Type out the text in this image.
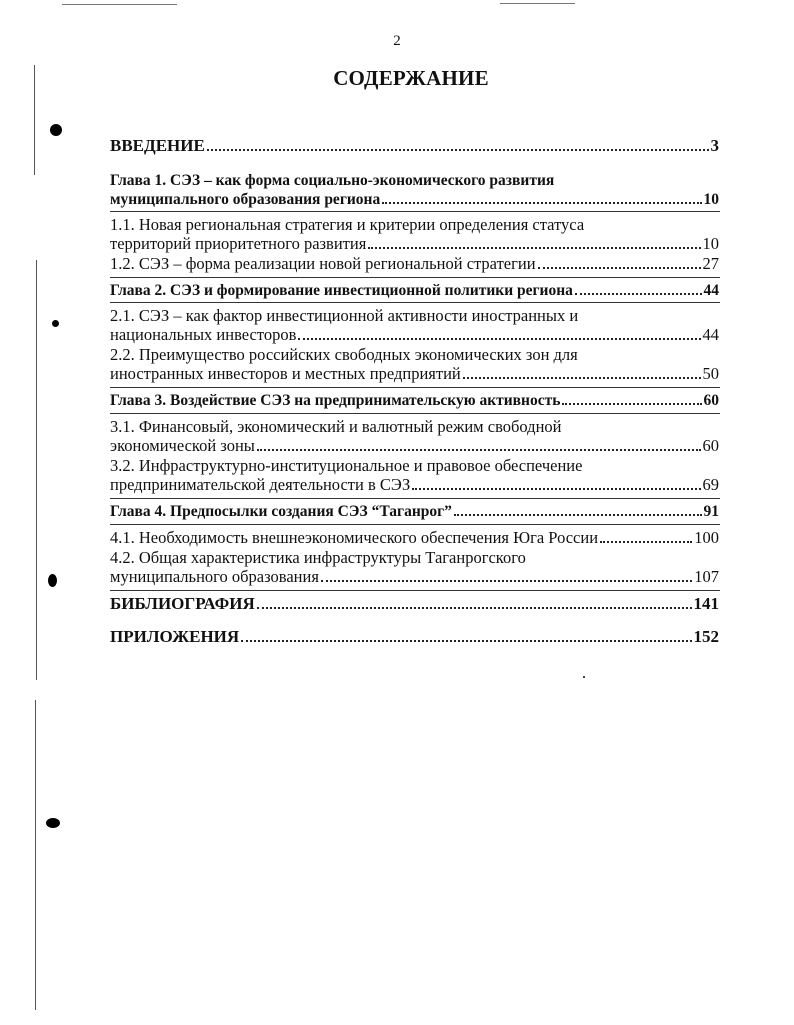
2
СОДЕРЖАНИЕ
ВВЕДЕНИЕ	3
Глава 1. СЭЗ – как форма социально-экономического развития
муниципального образования региона	10
1.1. Новая региональная стратегия и критерии определения статуса
территорий приоритетного развития	10
1.2. СЭЗ – форма реализации новой региональной стратегии	27
Глава 2. СЭЗ и формирование инвестиционной политики региона	44
2.1. СЭЗ – как фактор инвестиционной активности иностранных и
национальных инвесторов	44
2.2. Преимущество российских свободных экономических зон для
иностранных инвесторов и местных предприятий	50
Глава 3. Воздействие СЭЗ на предпринимательскую активность	60
3.1. Финансовый, экономический и валютный режим свободной
экономической зоны	60
3.2. Инфраструктурно-институциональное и правовое обеспечение
предпринимательской деятельности в СЭЗ	69
Глава 4. Предпосылки создания СЭЗ “Таганрог”	91
4.1. Необходимость внешнеэкономического обеспечения Юга России	100
4.2. Общая характеристика инфраструктуры Таганрогского
муниципального образования	107
БИБЛИОГРАФИЯ	141
ПРИЛОЖЕНИЯ	152
